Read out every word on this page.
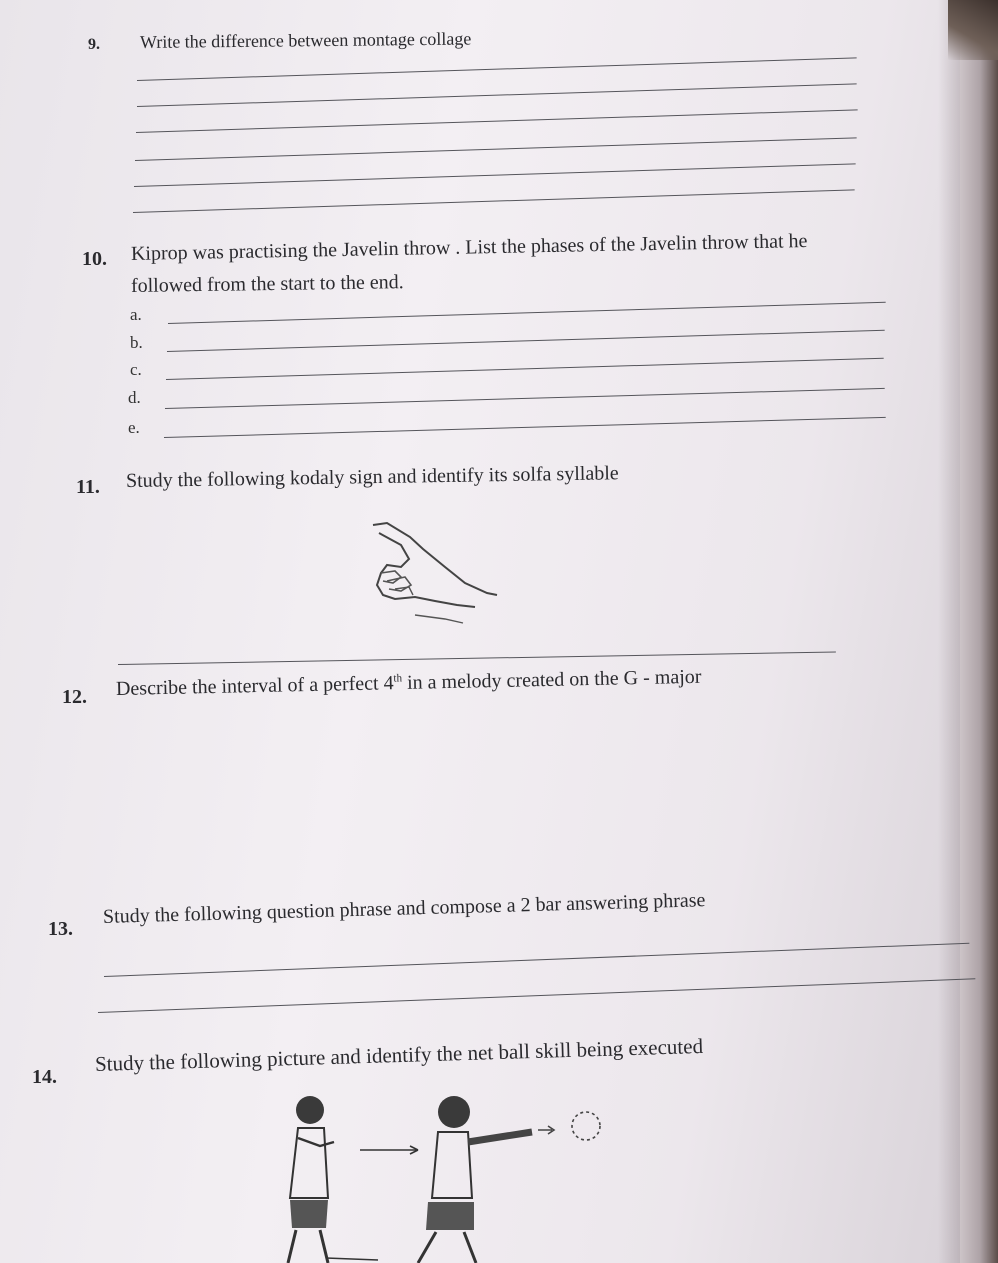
9. Write the difference between montage collage
10. Kiprop was practising the Javelin throw . List the phases of the Javelin throw that he
followed from the start to the end.
a.
b.
c.
d.
e.
11. Study the following kodaly sign and identify its solfa syllable
12. Describe the interval of a perfect 4th in a melody created on the G - major
13.
Study the following question phrase and compose a 2 bar answering phrase
14.
Study the following picture and identify the net ball skill being executed
